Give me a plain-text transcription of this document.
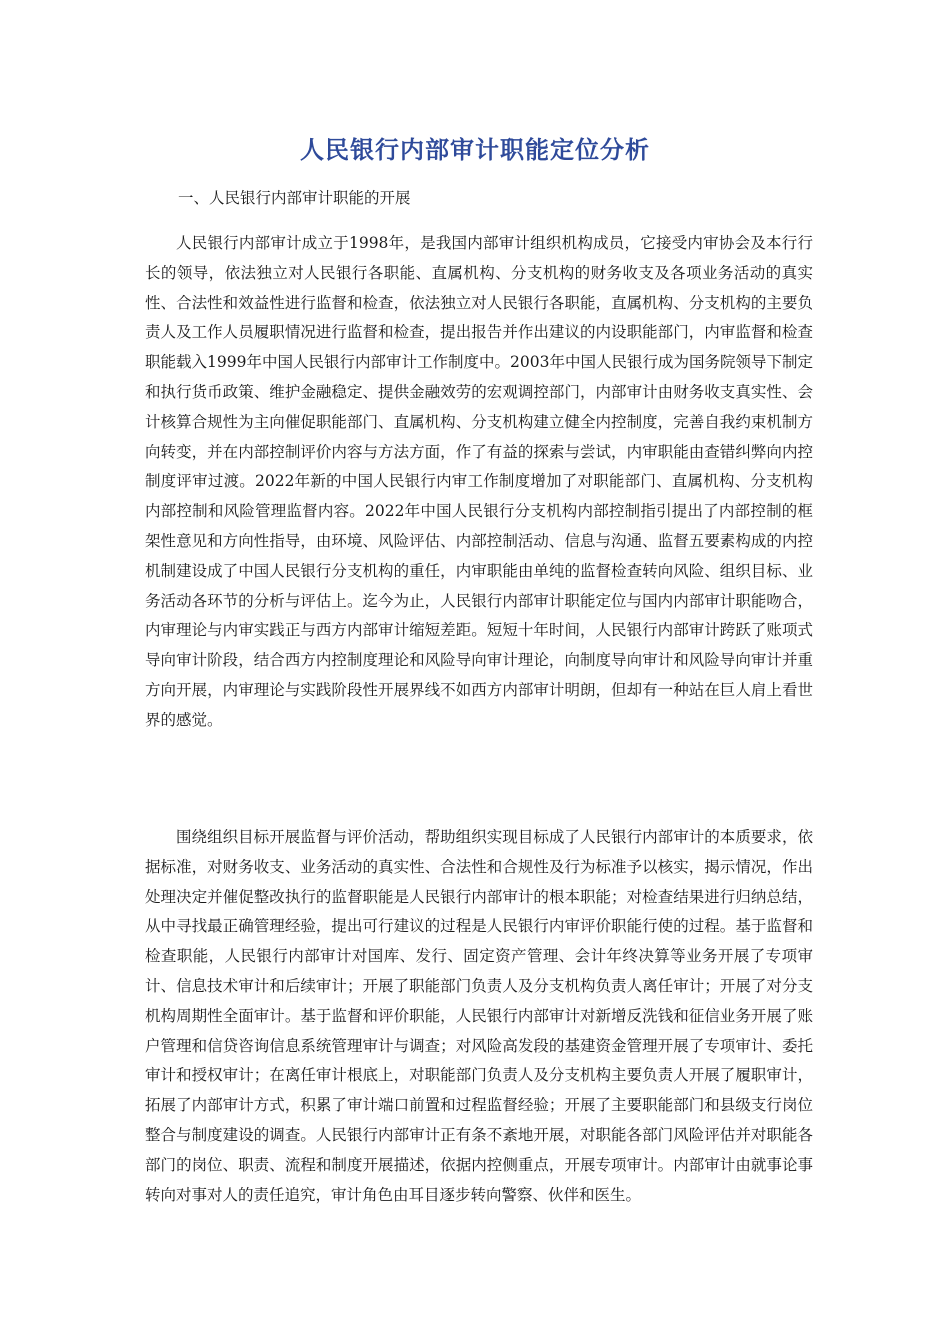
人民银行内部审计职能定位分析
一、人民银行内部审计职能的开展

人民银行内部审计成立于1998年，是我国内部审计组织机构成员，它接受内审协会及本行行长的领导，依法独立对人民银行各职能、直属机构、分支机构的财务收支及各项业务活动的真实性、合法性和效益性进行监督和检查，依法独立对人民银行各职能，直属机构、分支机构的主要负责人及工作人员履职情况进行监督和检查，提出报告并作出建议的内设职能部门，内审监督和检查职能载入1999年中国人民银行内部审计工作制度中。2003年中国人民银行成为国务院领导下制定和执行货币政策、维护金融稳定、提供金融效劳的宏观调控部门，内部审计由财务收支真实性、会计核算合规性为主向催促职能部门、直属机构、分支机构建立健全内控制度，完善自我约束机制方向转变，并在内部控制评价内容与方法方面，作了有益的探索与尝试，内审职能由查错纠弊向内控制度评审过渡。2022年新的中国人民银行内审工作制度增加了对职能部门、直属机构、分支机构内部控制和风险管理监督内容。2022年中国人民银行分支机构内部控制指引提出了内部控制的框架性意见和方向性指导，由环境、风险评估、内部控制活动、信息与沟通、监督五要素构成的内控机制建设成了中国人民银行分支机构的重任，内审职能由单纯的监督检查转向风险、组织目标、业务活动各环节的分析与评估上。迄今为止，人民银行内部审计职能定位与国内内部审计职能吻合，内审理论与内审实践正与西方内部审计缩短差距。短短十年时间，人民银行内部审计跨跃了账项式导向审计阶段，结合西方内控制度理论和风险导向审计理论，向制度导向审计和风险导向审计并重方向开展，内审理论与实践阶段性开展界线不如西方内部审计明朗，但却有一种站在巨人肩上看世界的感觉。

围绕组织目标开展监督与评价活动，帮助组织实现目标成了人民银行内部审计的本质要求，依据标准，对财务收支、业务活动的真实性、合法性和合规性及行为标准予以核实，揭示情况，作出处理决定并催促整改执行的监督职能是人民银行内部审计的根本职能；对检查结果进行归纳总结，从中寻找最正确管理经验，提出可行建议的过程是人民银行内审评价职能行使的过程。基于监督和检查职能，人民银行内部审计对国库、发行、固定资产管理、会计年终决算等业务开展了专项审计、信息技术审计和后续审计；开展了职能部门负责人及分支机构负责人离任审计；开展了对分支机构周期性全面审计。基于监督和评价职能，人民银行内部审计对新增反洗钱和征信业务开展了账户管理和信贷咨询信息系统管理审计与调查；对风险高发段的基建资金管理开展了专项审计、委托审计和授权审计；在离任审计根底上，对职能部门负责人及分支机构主要负责人开展了履职审计，拓展了内部审计方式，积累了审计端口前置和过程监督经验；开展了主要职能部门和县级支行岗位整合与制度建设的调查。人民银行内部审计正有条不紊地开展，对职能各部门风险评估并对职能各部门的岗位、职责、流程和制度开展描述，依据内控侧重点，开展专项审计。内部审计由就事论事转向对事对人的责任追究，审计角色由耳目逐步转向警察、伙伴和医生。
